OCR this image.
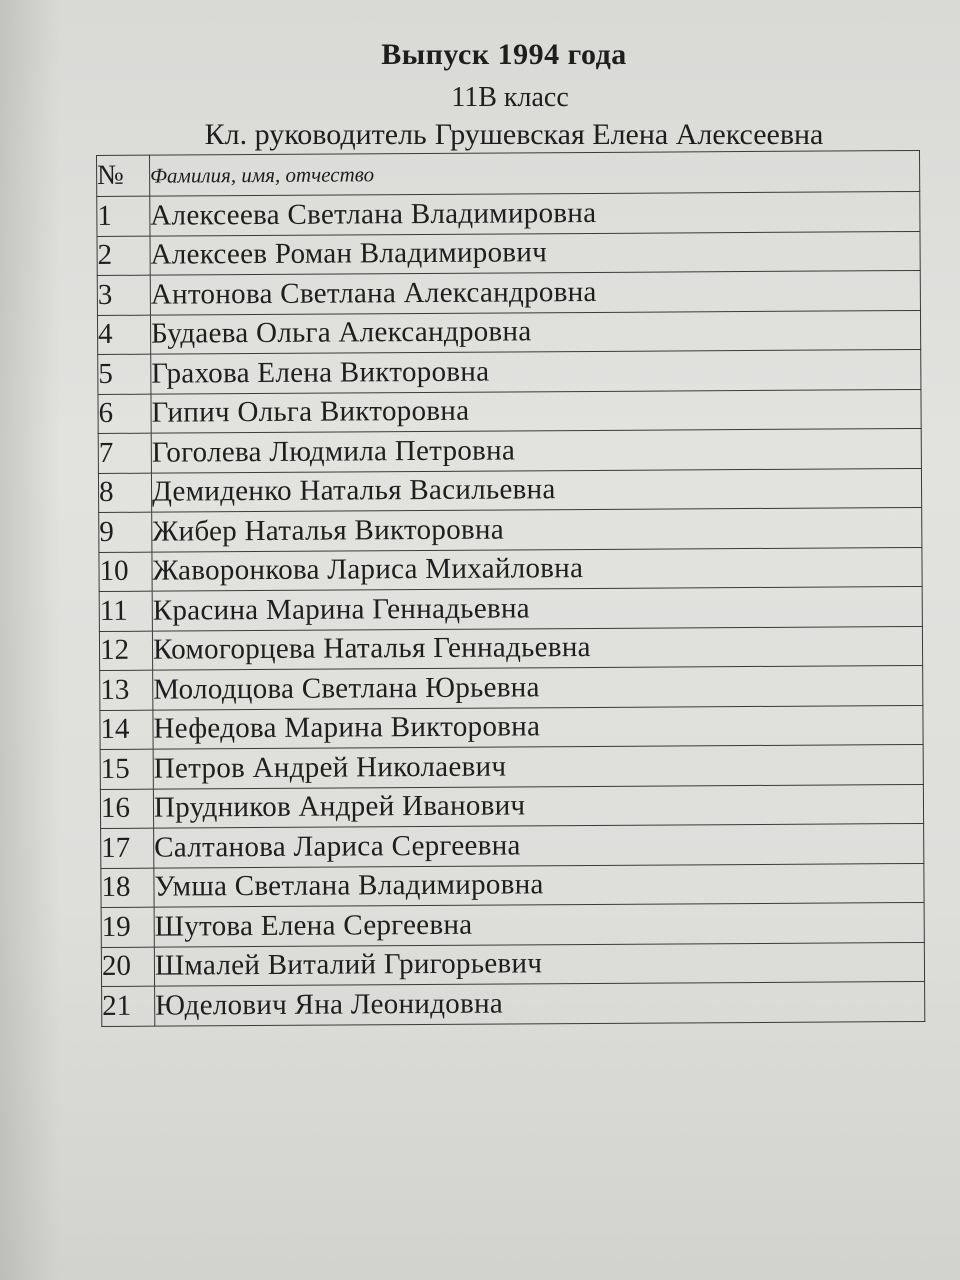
Выпуск 1994 года
11В класс
Кл. руководитель Грушевская Елена Алексеевна
№	Фамилия, имя, отчество
1	Алексеева Светлана Владимировна
2	Алексеев Роман Владимирович
3	Антонова Светлана Александровна
4	Будаева Ольга Александровна
5	Грахова Елена Викторовна
6	Гипич Ольга Викторовна
7	Гоголева Людмила Петровна
8	Демиденко Наталья Васильевна
9	Жибер Наталья Викторовна
10	Жаворонкова Лариса Михайловна
11	Красина Марина Геннадьевна
12	Комогорцева Наталья Геннадьевна
13	Молодцова Светлана Юрьевна
14	Нефедова Марина Викторовна
15	Петров Андрей Николаевич
16	Прудников Андрей Иванович
17	Салтанова Лариса Сергеевна
18	Умша Светлана Владимировна
19	Шутова Елена Сергеевна
20	Шмалей Виталий Григорьевич
21	Юделович Яна Леонидовна
